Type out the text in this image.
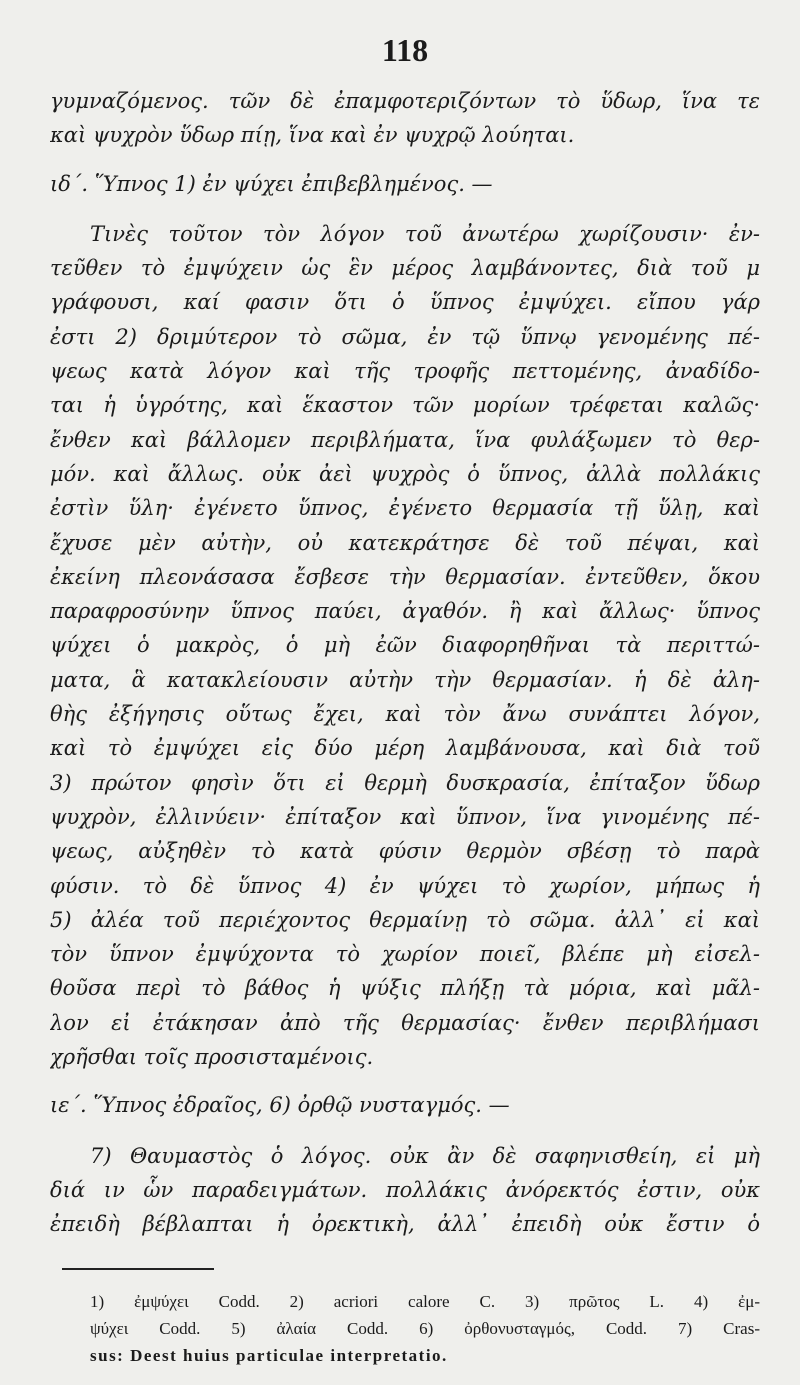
118
γυμναζόμενος. τῶν δὲ ἐπαμφοτεριζόντων τὸ ὕδωρ, ἵνα τε
καὶ ψυχρὸν ὕδωρ πίῃ, ἵνα καὶ ἐν ψυχρῷ λούηται.
ιδ΄. Ὕπνος 1) ἐν ψύχει ἐπιβεβλημένος. —
Τινὲς τοῦτον τὸν λόγον τοῦ ἀνωτέρω χωρίζουσιν· ἐν-
τεῦθεν τὸ ἐμψύχειν ὡς ἓν μέρος λαμβάνοντες, διὰ τοῦ μ
γράφουσι, καί φασιν ὅτι ὁ ὕπνος ἐμψύχει. εἴπου γάρ
ἐστι 2) δριμύτερον τὸ σῶμα, ἐν τῷ ὕπνῳ γενομένης πέ-
ψεως κατὰ λόγον καὶ τῆς τροφῆς πεττομένης, ἀναδίδο-
ται ἡ ὑγρότης, καὶ ἕκαστον τῶν μορίων τρέφεται καλῶς·
ἔνθεν καὶ βάλλομεν περιβλήματα, ἵνα φυλάξωμεν τὸ θερ-
μόν. καὶ ἄλλως. οὐκ ἀεὶ ψυχρὸς ὁ ὕπνος, ἀλλὰ πολλάκις
ἐστὶν ὕλη· ἐγένετο ὕπνος, ἐγένετο θερμασία τῇ ὕλῃ, καὶ
ἔχυσε μὲν αὐτὴν, οὐ κατεκράτησε δὲ τοῦ πέψαι, καὶ
ἐκείνη πλεονάσασα ἔσβεσε τὴν θερμασίαν. ἐντεῦθεν, ὅκου
παραφροσύνην ὕπνος παύει, ἀγαθόν. ἢ καὶ ἄλλως· ὕπνος
ψύχει ὁ μακρὸς, ὁ μὴ ἐῶν διαφορηθῆναι τὰ περιττώ-
ματα, ἃ κατακλείουσιν αὐτὴν τὴν θερμασίαν. ἡ δὲ ἀλη-
θὴς ἐξήγησις οὕτως ἔχει, καὶ τὸν ἄνω συνάπτει λόγον,
καὶ τὸ ἐμψύχει εἰς δύο μέρη λαμβάνουσα, καὶ διὰ τοῦ
3) πρώτον φησὶν ὅτι εἰ θερμὴ δυσκρασία, ἐπίταξον ὕδωρ
ψυχρὸν, ἐλλινύειν· ἐπίταξον καὶ ὕπνον, ἵνα γινομένης πέ-
ψεως, αὐξηθὲν τὸ κατὰ φύσιν θερμὸν σβέσῃ τὸ παρὰ
φύσιν. τὸ δὲ ὕπνος 4) ἐν ψύχει τὸ χωρίον, μήπως ἡ
5) ἀλέα τοῦ περιέχοντος θερμαίνῃ τὸ σῶμα. ἀλλ᾿ εἰ καὶ
τὸν ὕπνον ἐμψύχοντα τὸ χωρίον ποιεῖ, βλέπε μὴ εἰσελ-
θοῦσα περὶ τὸ βάθος ἡ ψύξις πλήξῃ τὰ μόρια, καὶ μᾶλ-
λον εἰ ἐτάκησαν ἀπὸ τῆς θερμασίας· ἔνθεν περιβλήμασι
χρῆσθαι τοῖς προσισταμένοις.
ιε΄. Ὕπνος ἐδραῖος, 6) ὀρθῷ νυσταγμός. —
7) Θαυμαστὸς ὁ λόγος. οὐκ ἂν δὲ σαφηνισθείη, εἰ μὴ
διά ιν ὧν παραδειγμάτων. πολλάκις ἀνόρεκτός ἐστιν, οὐκ
ἐπειδὴ βέβλαπται ἡ ὀρεκτικὴ, ἀλλ᾿ ἐπειδὴ οὐκ ἔστιν ὁ
1) ἐμψύχει Codd. 2) acriori calore C. 3) πρῶτος L. 4) ἐμ-
ψύχει Codd. 5) ἀλαία Codd. 6) ὀρθονυσταγμός, Codd. 7) Cras-
sus: Deest huius particulae interpretatio.
